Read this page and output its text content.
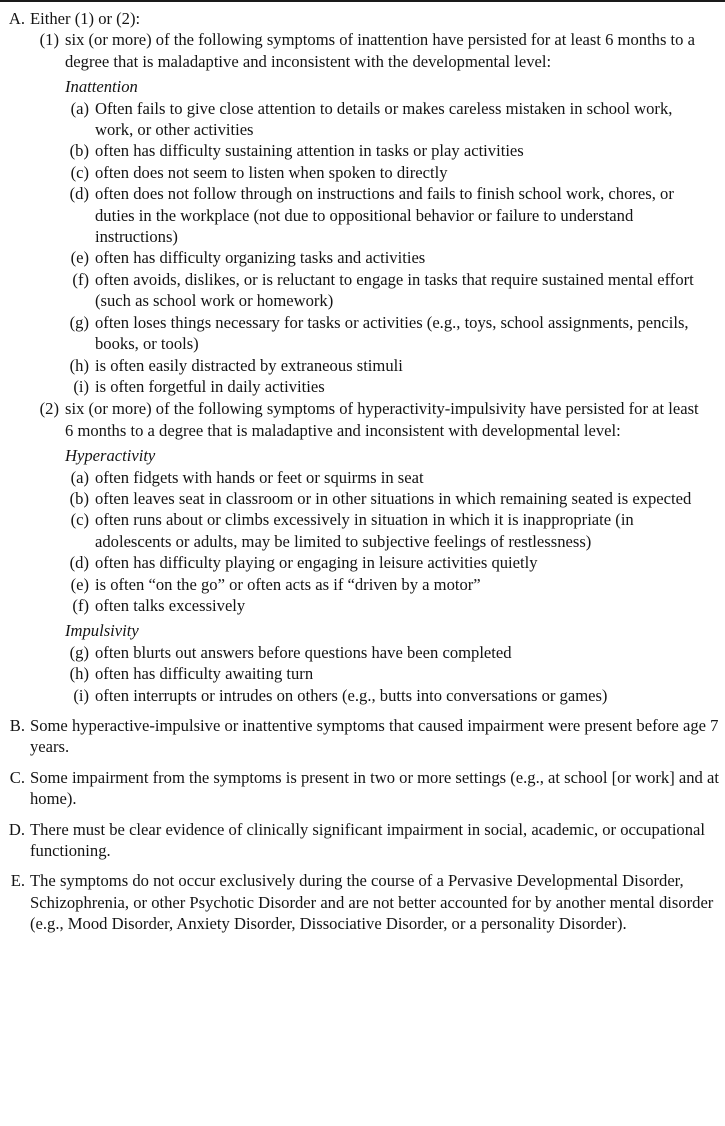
A. Either (1) or (2):
(1) six (or more) of the following symptoms of inattention have persisted for at least 6 months to a degree that is maladaptive and inconsistent with the developmental level:
Inattention
(a) Often fails to give close attention to details or makes careless mistaken in school work, work, or other activities
(b) often has difficulty sustaining attention in tasks or play activities
(c) often does not seem to listen when spoken to directly
(d) often does not follow through on instructions and fails to finish school work, chores, or duties in the workplace (not due to oppositional behavior or failure to understand instructions)
(e) often has difficulty organizing tasks and activities
(f) often avoids, dislikes, or is reluctant to engage in tasks that require sustained mental effort (such as school work or homework)
(g) often loses things necessary for tasks or activities (e.g., toys, school assignments, pencils, books, or tools)
(h) is often easily distracted by extraneous stimuli
(i) is often forgetful in daily activities
(2) six (or more) of the following symptoms of hyperactivity-impulsivity have persisted for at least 6 months to a degree that is maladaptive and inconsistent with developmental level:
Hyperactivity
(a) often fidgets with hands or feet or squirms in seat
(b) often leaves seat in classroom or in other situations in which remaining seated is expected
(c) often runs about or climbs excessively in situation in which it is inappropriate (in adolescents or adults, may be limited to subjective feelings of restlessness)
(d) often has difficulty playing or engaging in leisure activities quietly
(e) is often “on the go” or often acts as if “driven by a motor”
(f) often talks excessively
Impulsivity
(g) often blurts out answers before questions have been completed
(h) often has difficulty awaiting turn
(i) often interrupts or intrudes on others (e.g., butts into conversations or games)
B. Some hyperactive-impulsive or inattentive symptoms that caused impairment were present before age 7 years.
C. Some impairment from the symptoms is present in two or more settings (e.g., at school [or work] and at home).
D. There must be clear evidence of clinically significant impairment in social, academic, or occupational functioning.
E. The symptoms do not occur exclusively during the course of a Pervasive Developmental Disorder, Schizophrenia, or other Psychotic Disorder and are not better accounted for by another mental disorder (e.g., Mood Disorder, Anxiety Disorder, Dissociative Disorder, or a personality Disorder).
